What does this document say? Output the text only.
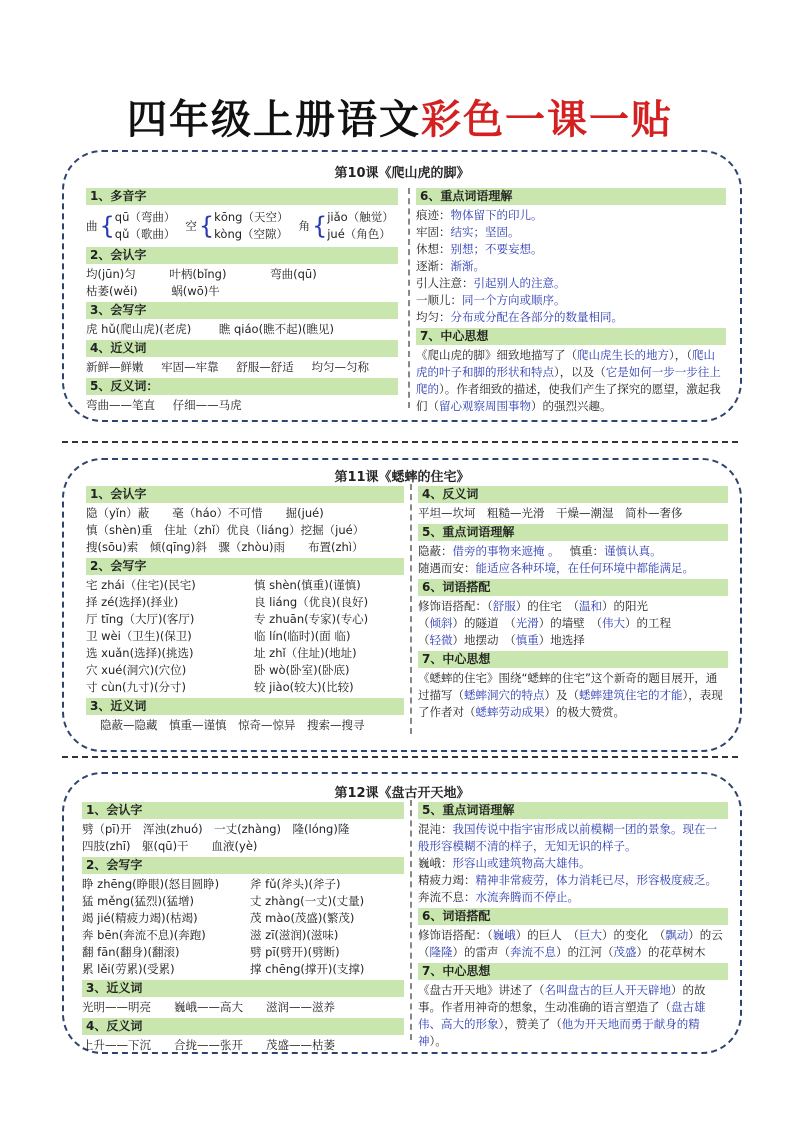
四年级上册语文彩色一课一贴
第10课《爬山虎的脚》
1、多音字
曲 { qū（弯曲）
qǔ（歌曲）
空 { kōng（天空）
kòng（空隙）
角 { jiǎo（触觉）
jué（角色）
2、会认字
均(jūn)匀	叶柄(bǐng)	弯曲(qū)
枯萎(wěi)	蜗(wō)牛
3、会写字
虎 hǔ(爬山虎)(老虎) 瞧 qiáo(瞧不起)(瞧见)
4、近义词
新鲜—鲜嫩 牢固—牢靠 舒服—舒适 均匀—匀称
5、反义词：
弯曲——笔直 仔细——马虎
6、重点词语理解
痕迹：物体留下的印儿。
牢固：结实；坚固。
休想：别想；不要妄想。
逐渐：渐渐。
引人注意：引起别人的注意。
一顺儿：同一个方向或顺序。
均匀：分布或分配在各部分的数量相同。
7、中心思想
《爬山虎的脚》细致地描写了（爬山虎生长的地方），（爬山虎的叶子和脚的形状和特点），以及（它是如何一步一步往上爬的）。作者细致的描述，使我们产生了探究的愿望，激起我们（留心观察周围事物）的强烈兴趣。
第11课《蟋蟀的住宅》
1、会认字
隐（yǐn）蔽　　毫（háo）不可惜　　掘(jué)
慎（shèn)重　住址（zhǐ）优良（liáng）挖掘（jué）
搜(sōu)索　倾(qīng)斜　骤（zhòu)雨　　布置(zhì）
2、会写字
宅 zhái（住宅)(民宅)	慎 shèn(慎重)(谨慎)
择 zé(选择)(择业)	良 liáng（优良)(良好)
厅 tīng（大厅)(客厅)	专 zhuān(专家)(专心)
卫 wèi（卫生)(保卫)	临 lín(临时)(面 临)
选 xuǎn(选择)(挑选)	址 zhǐ（住址)(地址)
穴 xué(洞穴)(穴位)	卧 wò(卧室)(卧底)
寸 cùn(九寸)(分寸)	较 jiào(较大)(比较)
3、近义词
隐蔽—隐藏　慎重—谨慎　惊奇—惊异　搜索—搜寻
4、反义词
平坦—坎坷　粗糙—光滑　干燥—潮湿　简朴—奢侈
5、重点词语理解
隐蔽：借旁的事物来遮掩 。 慎重：谨慎认真。
随遇而安：能适应各种环境，在任何环境中都能满足。
6、词语搭配
修饰语搭配：（舒服）的住宅　（温和）的阳光
（倾斜）的隧道　（光滑）的墙壁　（伟大）的工程
（轻微）地摆动　（慎重）地选择
7、中心思想
《蟋蟀的住宅》围绕“蟋蟀的住宅”这个新奇的题目展开，通过描写（蟋蟀洞穴的特点）及（蟋蟀建筑住宅的才能），表现了作者对（蟋蟀劳动成果）的极大赞赏。
第12课《盘古开天地》
1、会认字
劈（pī)开　浑浊(zhuó)　一丈(zhàng)　隆(lóng)隆
四肢(zhī)　躯(qū)干　　血液(yè)
2、会写字
睁 zhēng(睁眼)(怒目圆睁)	斧 fǔ(斧头)(斧子)
猛 měng(猛烈)(猛增)	丈 zhàng(一丈)(丈量)
竭 jié(精疲力竭)(枯竭)	茂 mào(茂盛)(繁茂)
奔 bēn(奔流不息)(奔跑)	滋 zī(滋润)(滋味)
翻 fān(翻身)(翻滚)	劈 pī(劈开)(劈断)
累 lěi(劳累)(受累)	撑 chēng(撑开)(支撑)
3、近义词
光明——明亮　　巍峨——高大　　滋润——滋养
4、反义词
上升——下沉　　合拢——张开　　茂盛——枯萎
5、重点词语理解
混沌：我国传说中指宇宙形成以前模糊一团的景象。现在一般形容模糊不清的样子，无知无识的样子。
巍峨：形容山或建筑物高大雄伟。
精疲力竭：精神非常疲劳，体力消耗已尽，形容极度疲乏。
奔流不息：水流奔腾而不停止。
6、词语搭配
修饰语搭配：（巍峨）的巨人　（巨大）的变化　（飘动）的云
（隆隆）的雷声（奔流不息）的江河（茂盛）的花草树木
7、中心思想
《盘古开天地》讲述了（名叫盘古的巨人开天辟地）的故事。作者用神奇的想象，生动准确的语言塑造了（盘古雄伟、高大的形象），赞美了（他为开天地而勇于献身的精神）。
